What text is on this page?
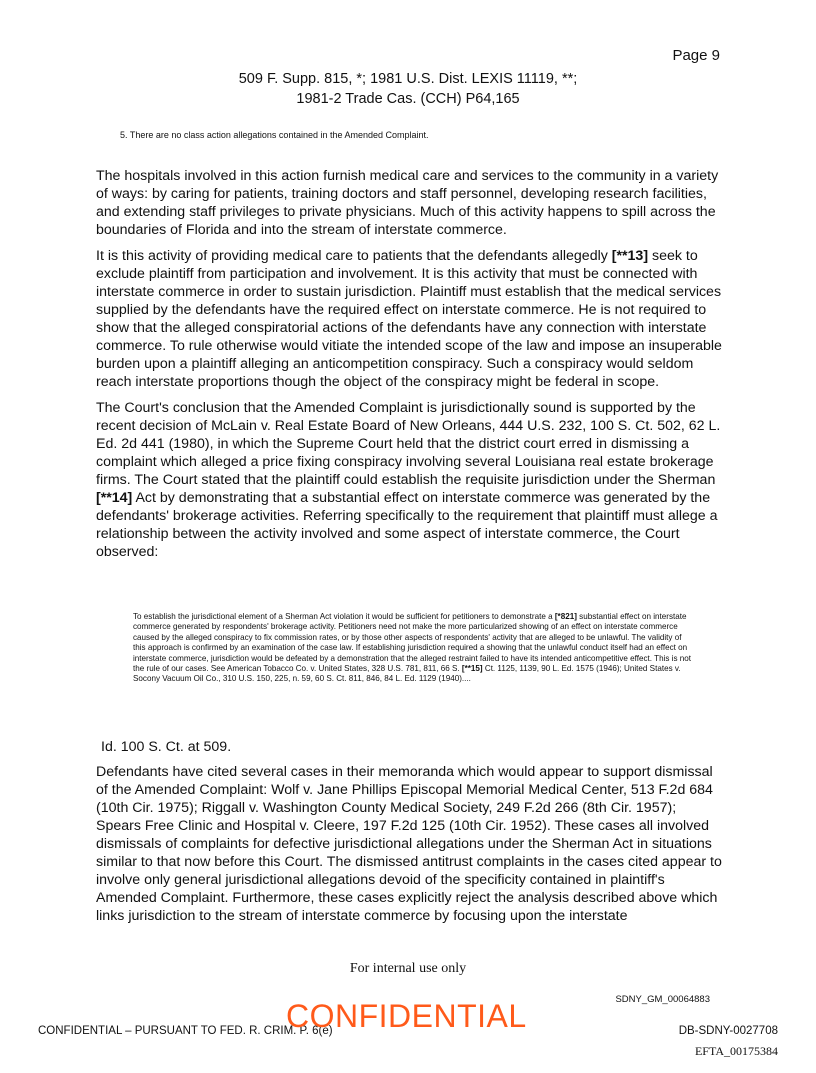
Page 9
509 F. Supp. 815, *; 1981 U.S. Dist. LEXIS 11119, **;
1981-2 Trade Cas. (CCH) P64,165
5. There are no class action allegations contained in the Amended Complaint.

The hospitals involved in this action furnish medical care and services to the community in a variety of ways: by caring for patients, training doctors and staff personnel, developing research facilities, and extending staff privileges to private physicians. Much of this activity happens to spill across the boundaries of Florida and into the stream of interstate commerce.

It is this activity of providing medical care to patients that the defendants allegedly [**13] seek to exclude plaintiff from participation and involvement. It is this activity that must be connected with interstate commerce in order to sustain jurisdiction. Plaintiff must establish that the medical services supplied by the defendants have the required effect on interstate commerce. He is not required to show that the alleged conspiratorial actions of the defendants have any connection with interstate commerce. To rule otherwise would vitiate the intended scope of the law and impose an insuperable burden upon a plaintiff alleging an anticompetition conspiracy. Such a conspiracy would seldom reach interstate proportions though the object of the conspiracy might be federal in scope.

The Court's conclusion that the Amended Complaint is jurisdictionally sound is supported by the recent decision of McLain v. Real Estate Board of New Orleans, 444 U.S. 232, 100 S. Ct. 502, 62 L. Ed. 2d 441 (1980), in which the Supreme Court held that the district court erred in dismissing a complaint which alleged a price fixing conspiracy involving several Louisiana real estate brokerage firms. The Court stated that the plaintiff could establish the requisite jurisdiction under the Sherman [**14] Act by demonstrating that a substantial effect on interstate commerce was generated by the defendants' brokerage activities. Referring specifically to the requirement that plaintiff must allege a relationship between the activity involved and some aspect of interstate commerce, the Court observed:

To establish the jurisdictional element of a Sherman Act violation it would be sufficient for petitioners to demonstrate a [*821] substantial effect on interstate commerce generated by respondents' brokerage activity. Petitioners need not make the more particularized showing of an effect on interstate commerce caused by the alleged conspiracy to fix commission rates, or by those other aspects of respondents' activity that are alleged to be unlawful. The validity of this approach is confirmed by an examination of the case law. If establishing jurisdiction required a showing that the unlawful conduct itself had an effect on interstate commerce, jurisdiction would be defeated by a demonstration that the alleged restraint failed to have its intended anticompetitive effect. This is not the rule of our cases. See American Tobacco Co. v. United States, 328 U.S. 781, 811, 66 S. [**15] Ct. 1125, 1139, 90 L. Ed. 1575 (1946); United States v. Socony Vacuum Oil Co., 310 U.S. 150, 225, n. 59, 60 S. Ct. 811, 846, 84 L. Ed. 1129 (1940)....
Id. 100 S. Ct. at 509.

Defendants have cited several cases in their memoranda which would appear to support dismissal of the Amended Complaint: Wolf v. Jane Phillips Episcopal Memorial Medical Center, 513 F.2d 684 (10th Cir. 1975); Riggall v. Washington County Medical Society, 249 F.2d 266 (8th Cir. 1957); Spears Free Clinic and Hospital v. Cleere, 197 F.2d 125 (10th Cir. 1952). These cases all involved dismissals of complaints for defective jurisdictional allegations under the Sherman Act in situations similar to that now before this Court. The dismissed antitrust complaints in the cases cited appear to involve only general jurisdictional allegations devoid of the specificity contained in plaintiff's Amended Complaint. Furthermore, these cases explicitly reject the analysis described above which links jurisdiction to the stream of interstate commerce by focusing upon the interstate

For internal use only
SDNY_GM_00064883
CONFIDENTIAL – PURSUANT TO FED. R. CRIM. P. 6(e)
CONFIDENTIAL	DB-SDNY-0027708
EFTA_00175384
